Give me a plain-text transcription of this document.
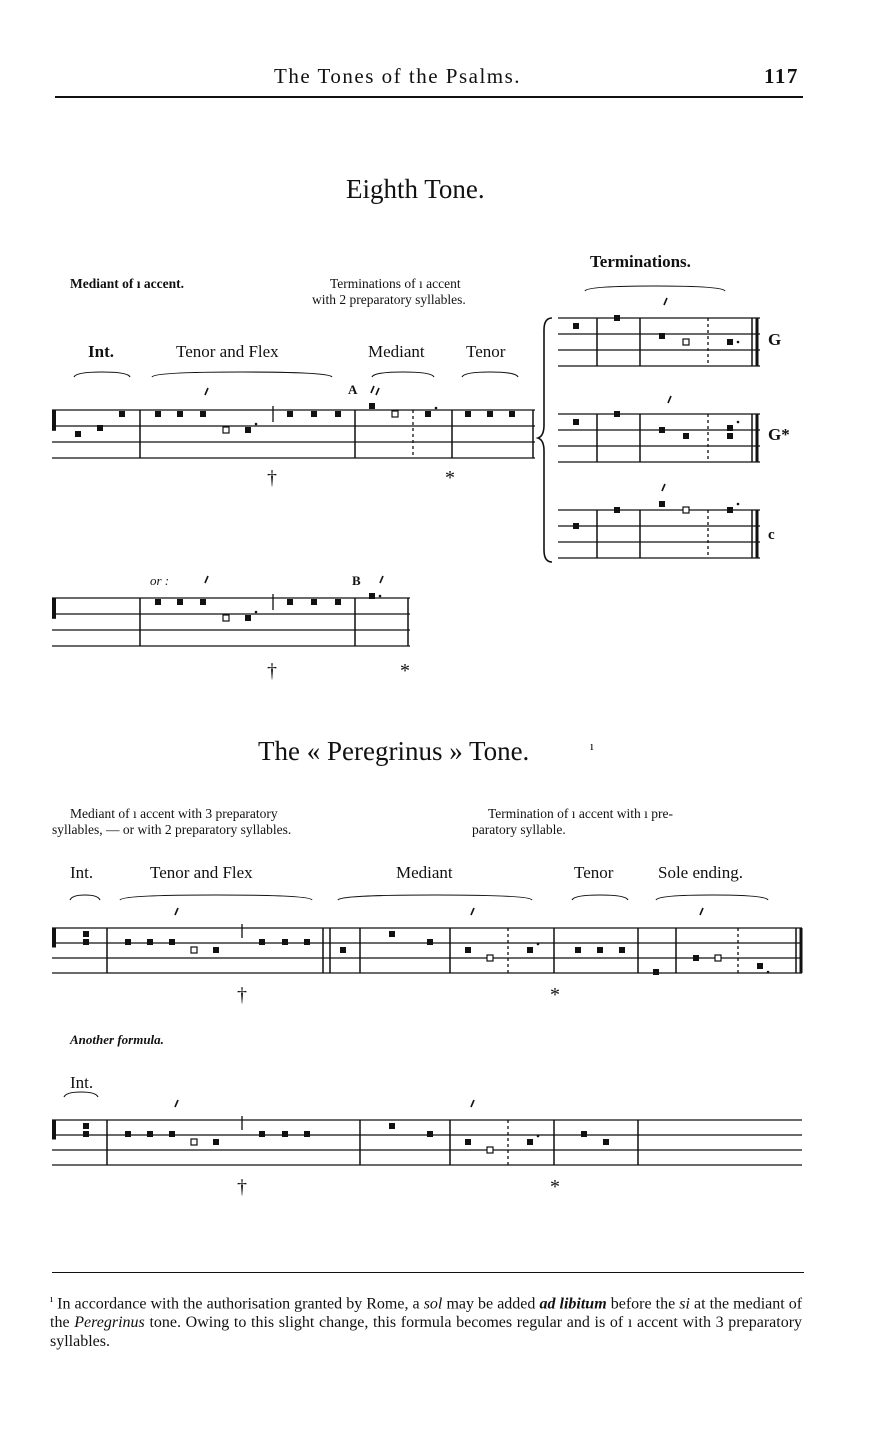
The Tones of the Psalms.	117
Eighth Tone.
Mediant of ı accent.	Terminations of ı accent
with 2 preparatory syllables.
Terminations.
Int.	Tenor and Flex	Mediant Tenor
A
B
or :
†	*
†	*
G
G*
c
The « Peregrinus » Tone.	ı
Mediant of ı accent with 3 preparatory
syllables, — or with 2 preparatory syllables.
Termination of ı accent with ı pre-
paratory syllable.
Int.	Tenor and Flex	Mediant	Tenor	Sole ending.
†	*
Another formula.
Int.
†	*
$^ı$ In accordance with the authorisation granted by Rome, a sol may be added ad libitum before the si at the mediant of the Peregrinus tone. Owing to this slight change, this formula becomes regular and is of ı accent with 3 preparatory syllables.
